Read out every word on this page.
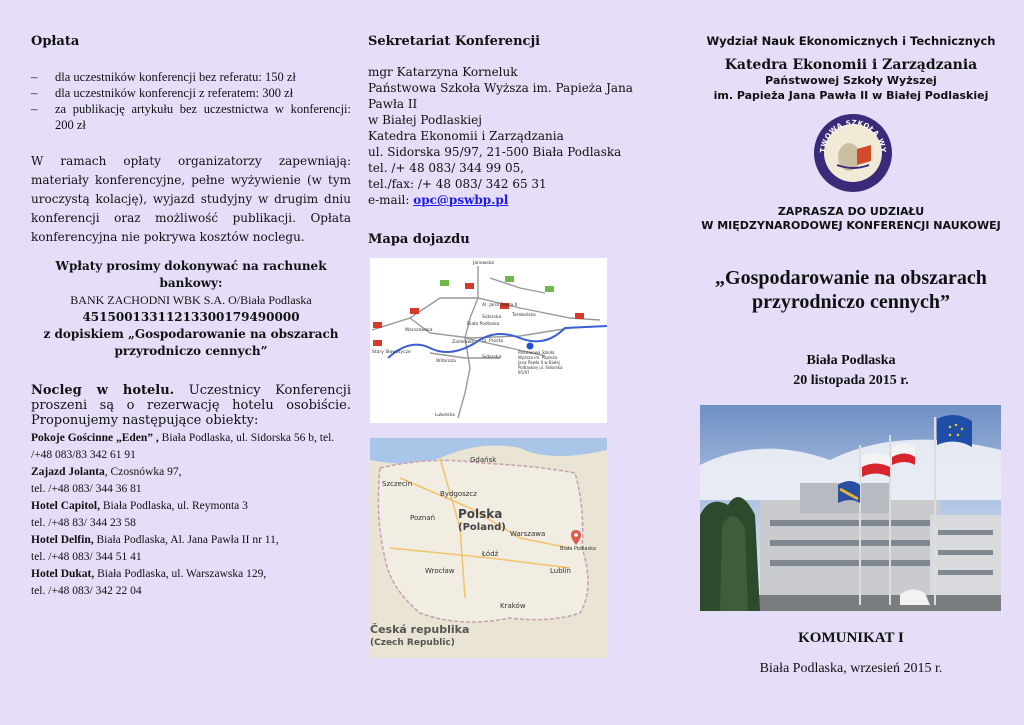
Opłata
–	dla uczestników konferencji bez referatu: 150 zł
–	dla uczestników konferencji z referatem: 300 zł
–	za publikację artykułu bez uczestnictwa w konferencji: 200 zł
W ramach opłaty organizatorzy zapewniają: materiały konferencyjne, pełne wyżywienie (w tym uroczystą kolację), wyjazd studyjny w drugim dniu konferencji oraz możliwość publikacji. Opłata konferencyjna nie pokrywa kosztów noclegu.
Wpłaty prosimy dokonywać na rachunek bankowy:
BANK ZACHODNI WBK S.A. O/Biała Podlaska
45150013311213300179490000
z dopiskiem „Gospodarowanie na obszarach
przyrodniczo cennych”
Nocleg w hotelu. Uczestnicy Konferencji proszeni są o rezerwację hotelu osobiście. Proponujemy następujące obiekty:
Pokoje Gościnne „Eden” , Biała Podlaska, ul. Sidorska 56 b, tel.
/+48 083/83 342 61 91
Zajazd Jolanta, Czosnówka 97,
tel. /+48 083/ 344 36 81
Hotel Capitol, Biała Podlaska, ul. Reymonta 3
tel. /+48 83/ 344 23 58
Hotel Delfin, Biała Podlaska, Al. Jana Pawła II nr 11,
tel. /+48 083/ 344 51 41
Hotel Dukat, Biała Podlaska, ul. Warszawska 129,
tel. /+48 083/ 342 22 04
Sekretariat Konferencji
mgr Katarzyna Korneluk
Państwowa Szkoła Wyższa im. Papieża Jana Pawła II
w Białej Podlaskiej
Katedra Ekonomii i Zarządzania
ul. Sidorska 95/97, 21-500 Biała Podlaska
tel. /+ 48 083/ 344 99 05,
tel./fax: /+ 48 083/ 342 65 31
e-mail: opc@pswbp.pl
Mapa dojazdu
Janowska
Al. Jana Pawła II
Sidorska
Biała Podlaska
Warszawska
Zamkowa
Stary Sławatycze
ul. Prosta
Witoroża
Sidorska
Lubelska
Terebelska
Państwowa Szkoła Wyższa im. Papieża Jana Pawła II w Białej Podlaskiej ul. Sidorska 95/97
Gdańsk
Szczecin
Bydgoszcz
Poznań
Warszawa
Łódź
Wrocław	Lublin
Kraków
Biała Podlaska
Polska
(Poland)
Česká republika
(Czech Republic)
Wydział Nauk Ekonomicznych i Technicznych
Katedra Ekonomii i Zarządzania
Państwowej Szkoły Wyższej
im. Papieża Jana Pawła II w Białej Podlaskiej
TWOWA SZKOŁA WY
ZAPRASZA DO UDZIAŁU
W MIĘDZYNARODOWEJ KONFERENCJI NAUKOWEJ
„Gospodarowanie na obszarach
przyrodniczo cennych”
Biała Podlaska
20 listopada 2015 r.
KOMUNIKAT I
Biała Podlaska, wrzesień 2015 r.
